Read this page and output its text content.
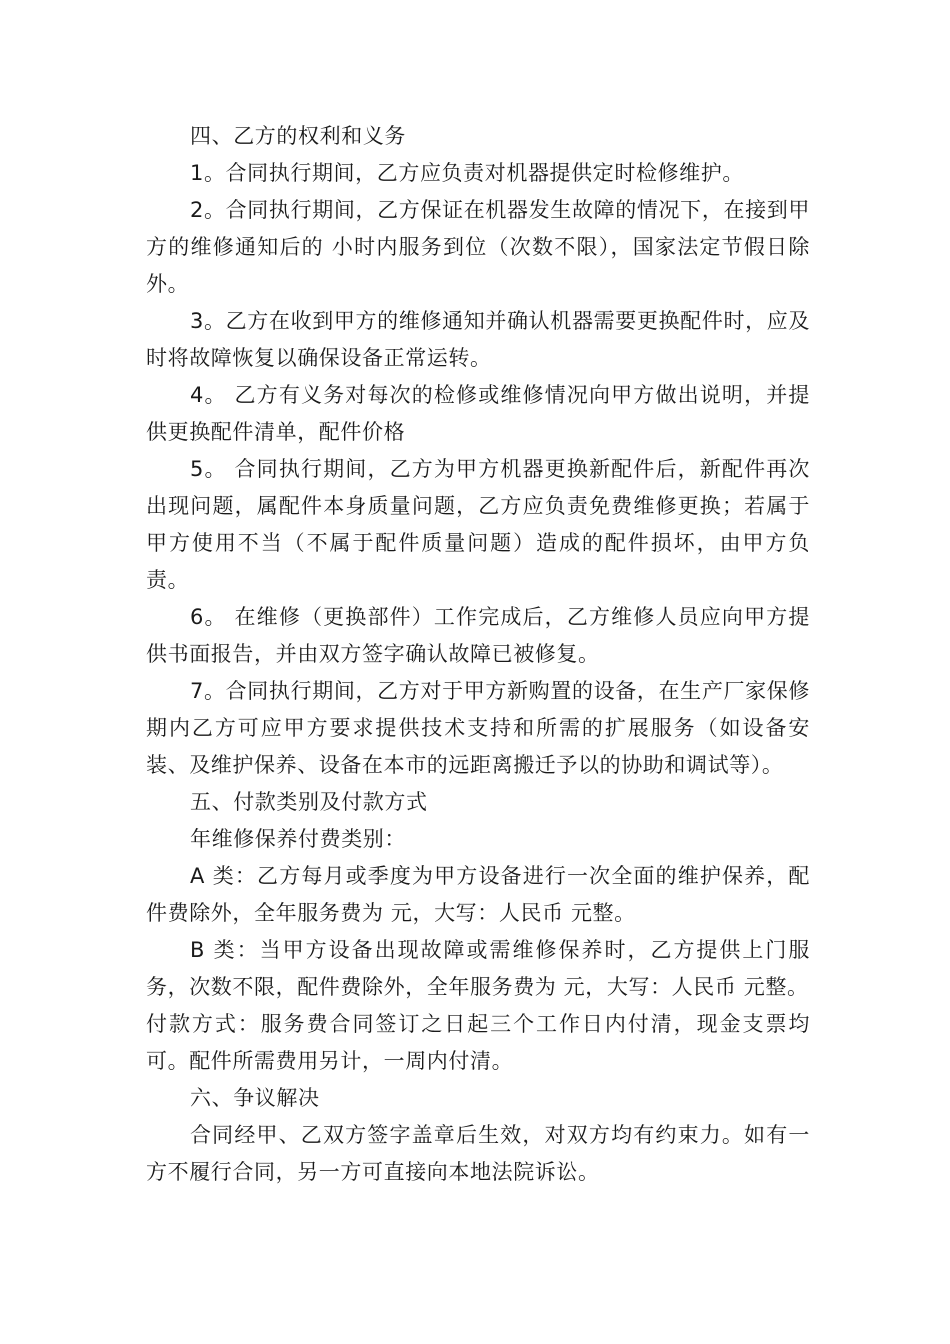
四、乙方的权利和义务

1。合同执行期间，乙方应负责对机器提供定时检修维护。

2。合同执行期间，乙方保证在机器发生故障的情况下，在接到甲方的维修通知后的 小时内服务到位（次数不限），国家法定节假日除外。

3。乙方在收到甲方的维修通知并确认机器需要更换配件时，应及时将故障恢复以确保设备正常运转。

4。 乙方有义务对每次的检修或维修情况向甲方做出说明，并提供更换配件清单，配件价格

5。 合同执行期间，乙方为甲方机器更换新配件后，新配件再次出现问题，属配件本身质量问题，乙方应负责免费维修更换；若属于甲方使用不当（不属于配件质量问题）造成的配件损坏，由甲方负责。

6。 在维修（更换部件）工作完成后，乙方维修人员应向甲方提供书面报告，并由双方签字确认故障已被修复。

7。合同执行期间，乙方对于甲方新购置的设备，在生产厂家保修期内乙方可应甲方要求提供技术支持和所需的扩展服务（如设备安装、及维护保养、设备在本市的远距离搬迁予以的协助和调试等）。

五、付款类别及付款方式

年维修保养付费类别：

A 类：乙方每月或季度为甲方设备进行一次全面的维护保养，配件费除外，全年服务费为 元，大写：人民币 元整。

B 类：当甲方设备出现故障或需维修保养时，乙方提供上门服务，次数不限，配件费除外，全年服务费为 元，大写：人民币 元整。

付款方式：服务费合同签订之日起三个工作日内付清，现金支票均可。配件所需费用另计，一周内付清。

六、争议解决

合同经甲、乙双方签字盖章后生效，对双方均有约束力。如有一方不履行合同，另一方可直接向本地法院诉讼。
